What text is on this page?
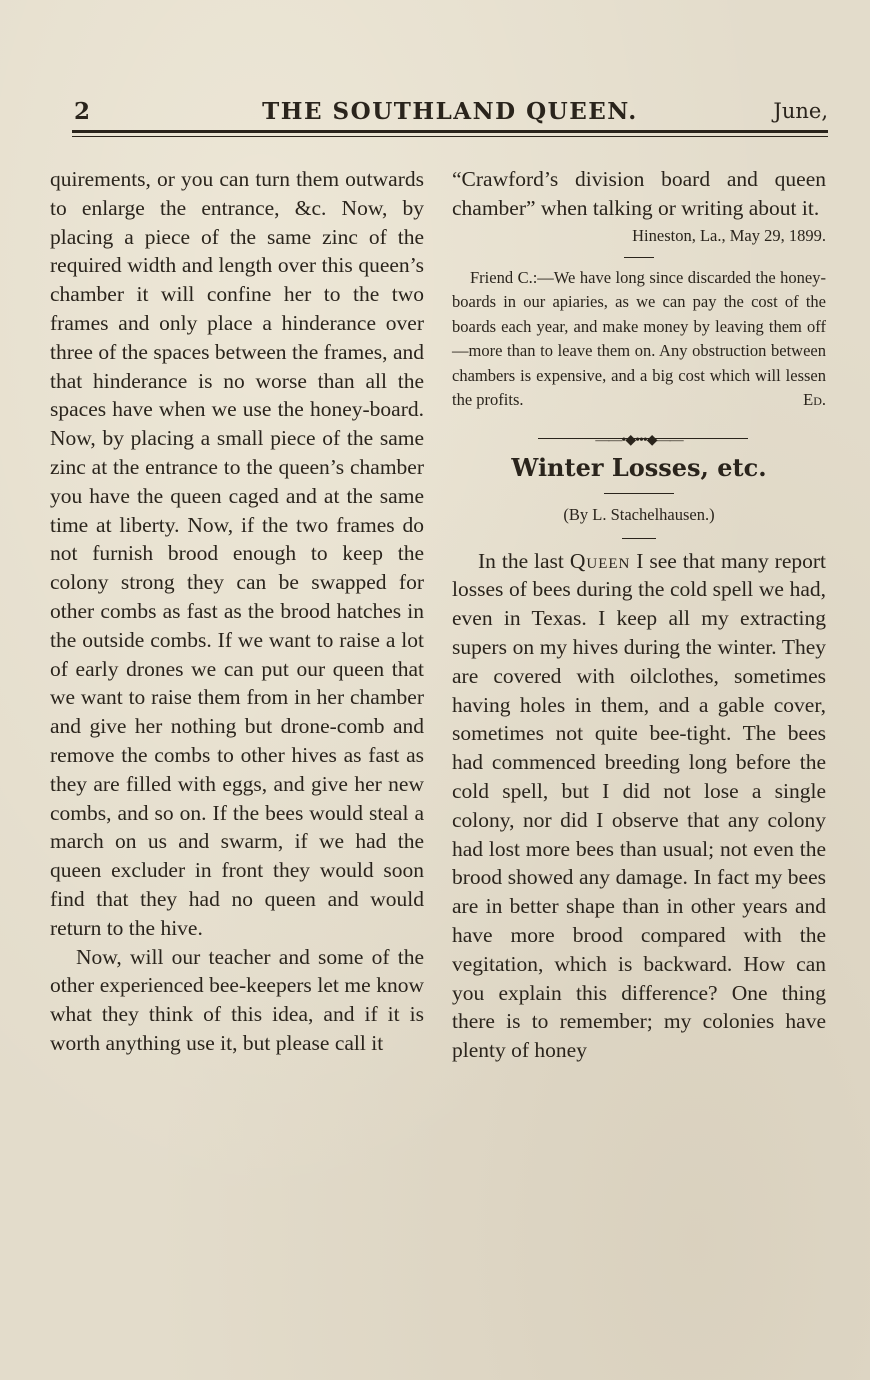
2	THE SOUTHLAND QUEEN.	June,

quirements, or you can turn them outwards to enlarge the entrance, &c. Now, by placing a piece of the same zinc of the required width and length over this queen’s chamber it will confine her to the two frames and only place a hinderance over three of the spaces between the frames, and that hinderance is no worse than all the spaces have when we use the honey-board. Now, by placing a small piece of the same zinc at the entrance to the queen’s chamber you have the queen caged and at the same time at liberty. Now, if the two frames do not furnish brood enough to keep the colony strong they can be swapped for other combs as fast as the brood hatches in the outside combs. If we want to raise a lot of early drones we can put our queen that we want to raise them from in her chamber and give her nothing but drone-comb and remove the combs to other hives as fast as they are filled with eggs, and give her new combs, and so on. If the bees would steal a march on us and swarm, if we had the queen excluder in front they would soon find that they had no queen and would return to the hive.

Now, will our teacher and some of the other experienced bee-keepers let me know what they think of this idea, and if it is worth anything use it, but please call it

“Crawford’s division board and queen chamber” when talking or writing about it.

Hineston, La., May 29, 1899.

Friend C.:—We have long since discarded the honey-boards in our apiaries, as we can pay the cost of the boards each year, and make money by leaving them off—more than to leave them on. Any obstruction between chambers is expensive, and a big cost which will lessen the profits.	Ed.

——•◆•••◆——
Winter Losses, etc.
(By L. Stachelhausen.)

In the last Queen I see that many report losses of bees during the cold spell we had, even in Texas. I keep all my extracting supers on my hives during the winter. They are covered with oilclothes, sometimes having holes in them, and a gable cover, sometimes not quite bee-tight. The bees had commenced breeding long before the cold spell, but I did not lose a single colony, nor did I observe that any colony had lost more bees than usual; not even the brood showed any damage. In fact my bees are in better shape than in other years and have more brood compared with the vegitation, which is backward. How can you explain this difference? One thing there is to remember; my colonies have plenty of honey
